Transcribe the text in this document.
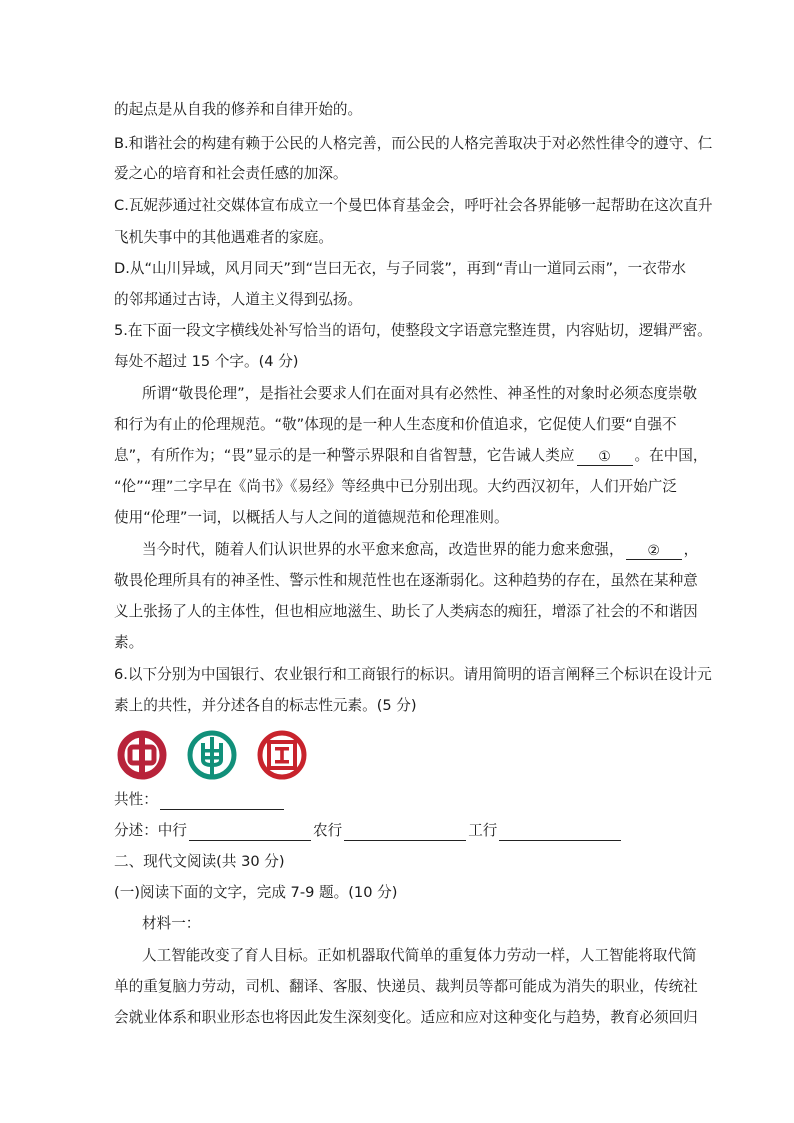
的起点是从自我的修养和自律开始的。
B.和谐社会的构建有赖于公民的人格完善，而公民的人格完善取决于对必然性律令的遵守、仁
爱之心的培育和社会责任感的加深。
C.瓦妮莎通过社交媒体宣布成立一个曼巴体育基金会，呼吁社会各界能够一起帮助在这次直升
飞机失事中的其他遇难者的家庭。
D.从“山川异域，风月同天”到“岂曰无衣，与子同裳”，再到“青山一道同云雨”，一衣带水
的邻邦通过古诗，人道主义得到弘扬。
5.在下面一段文字横线处补写恰当的语句，使整段文字语意完整连贯，内容贴切，逻辑严密。
每处不超过 15 个字。(4 分)
所谓“敬畏伦理”，是指社会要求人们在面对具有必然性、神圣性的对象时必须态度崇敬
和行为有止的伦理规范。“敬”体现的是一种人生态度和价值追求，它促使人们要“自强不
息”，有所作为；“畏”显示的是一种警示界限和自省智慧，它告诫人类应 ① 。在中国，
“伦”“理”二字早在《尚书》《易经》等经典中已分别出现。大约西汉初年，人们开始广泛
使用“伦理”一词，以概括人与人之间的道德规范和伦理准则。
当今时代，随着人们认识世界的水平愈来愈高，改造世界的能力愈来愈强， ② ，
敬畏伦理所具有的神圣性、警示性和规范性也在逐渐弱化。这种趋势的存在，虽然在某种意
义上张扬了人的主体性，但也相应地滋生、助长了人类病态的痴狂，增添了社会的不和谐因
素。
6.以下分别为中国银行、农业银行和工商银行的标识。请用简明的语言阐释三个标识在设计元
素上的共性，并分述各自的标志性元素。(5 分)
共性：
分述：中行	农行	工行
二、现代文阅读(共 30 分)
(一)阅读下面的文字，完成 7-9 题。(10 分)
材料一：
人工智能改变了育人目标。正如机器取代简单的重复体力劳动一样，人工智能将取代简
单的重复脑力劳动，司机、翻译、客服、快递员、裁判员等都可能成为消失的职业，传统社
会就业体系和职业形态也将因此发生深刻变化。适应和应对这种变化与趋势，教育必须回归
